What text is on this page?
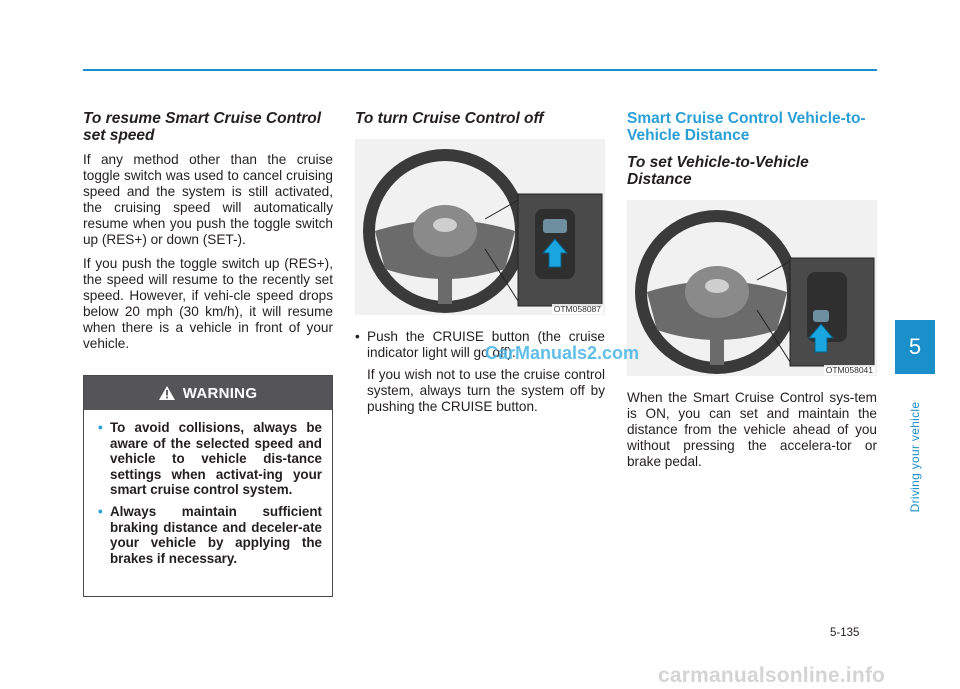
To resume Smart Cruise Control set speed

If any method other than the cruise toggle switch was used to cancel cruising speed and the system is still activated, the cruising speed will automatically resume when you push the toggle switch up (RES+) or down (SET-).

If you push the toggle switch up (RES+), the speed will resume to the recently set speed. However, if vehi-cle speed drops below 20 mph (30 km/h), it will resume when there is a vehicle in front of your vehicle.

WARNING
• To avoid collisions, always be aware of the selected speed and vehicle to vehicle dis-tance settings when activat-ing your smart cruise control system.
• Always maintain sufficient braking distance and deceler-ate your vehicle by applying the brakes if necessary.
To turn Cruise Control off
OTM058087
• Push the CRUISE button (the cruise indicator light will go off).

If you wish not to use the cruise control system, always turn the system off by pushing the CRUISE button.

Smart Cruise Control Vehicle-to-Vehicle Distance
To set Vehicle-to-Vehicle Distance
OTM058041

When the Smart Cruise Control sys-tem is ON, you can set and maintain the distance from the vehicle ahead of you without pressing the accelera-tor or brake pedal.

CarManuals2.com	5
Driving your vehicle
5-135
carmanualsonline.info
